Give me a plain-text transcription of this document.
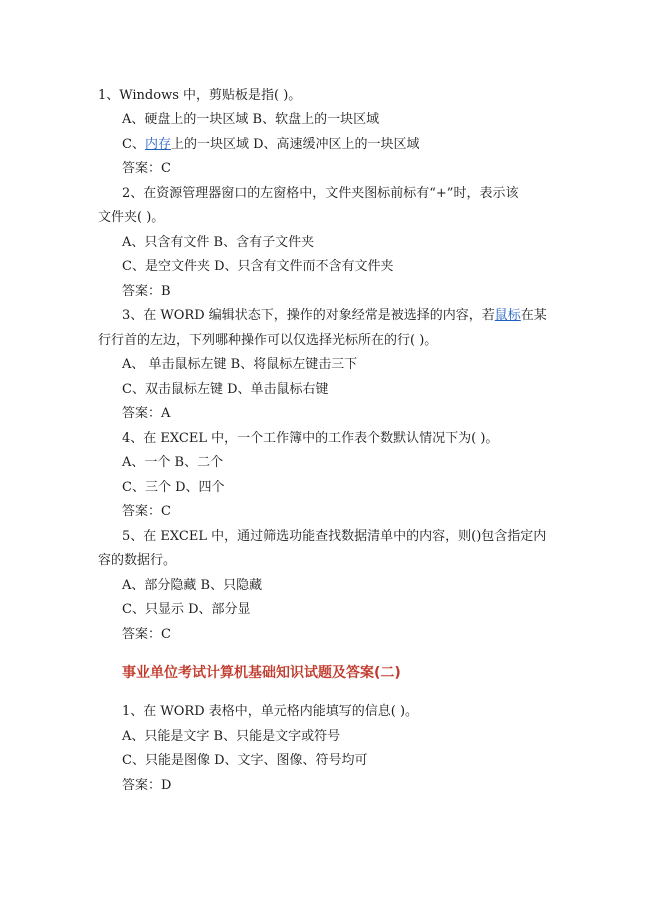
1、Windows 中，剪贴板是指( )。
A、硬盘上的一块区域 B、软盘上的一块区域
C、内存上的一块区域 D、高速缓冲区上的一块区域
答案：C
2、在资源管理器窗口的左窗格中，文件夹图标前标有“+”时，表示该
文件夹( )。
A、只含有文件 B、含有子文件夹
C、是空文件夹 D、只含有文件而不含有文件夹
答案：B
3、在 WORD 编辑状态下，操作的对象经常是被选择的内容，若鼠标在某
行行首的左边，下列哪种操作可以仅选择光标所在的行( )。
A、 单击鼠标左键 B、将鼠标左键击三下
C、双击鼠标左键 D、单击鼠标右键
答案：A
4、在 EXCEL 中，一个工作簿中的工作表个数默认情况下为( )。
A、一个 B、二个
C、三个 D、四个
答案：C
5、在 EXCEL 中，通过筛选功能查找数据清单中的内容，则()包含指定内
容的数据行。
A、部分隐藏 B、只隐藏
C、只显示 D、部分显
答案：C
事业单位考试计算机基础知识试题及答案(二)
1、在 WORD 表格中，单元格内能填写的信息( )。
A、只能是文字 B、只能是文字或符号
C、只能是图像 D、文字、图像、符号均可
答案：D
